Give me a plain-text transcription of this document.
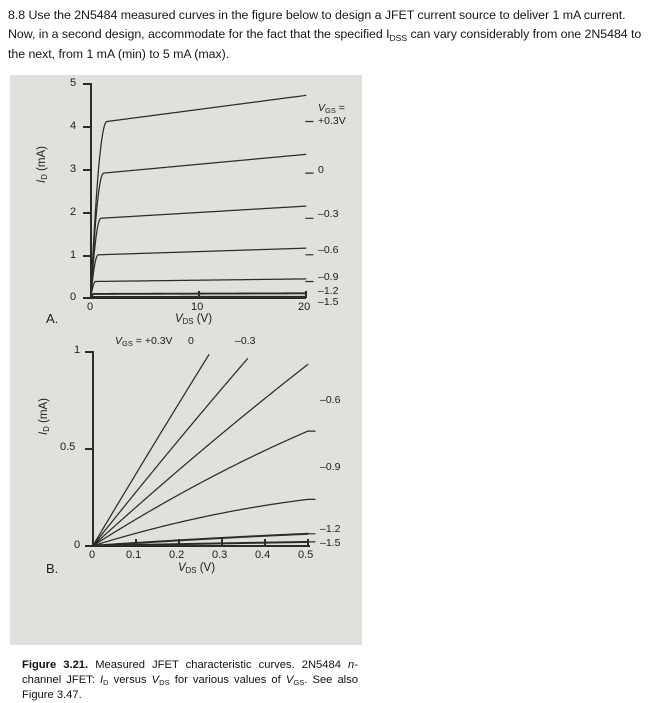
8.8 Use the 2N5484 measured curves in the figure below to design a JFET current source to deliver 1 mA current. Now, in a second design, accommodate for the fact that the specified $I_{DSS}$ can vary considerably from one 2N5484 to the next, from 1 mA (min) to 5 mA (max).
5
4
3
2
1
0
0	10	20
$I_D$ (mA)
$V_{DS}$ (V)
$V_{GS}$ =
+0.3V
0
–0.3
–0.6
–0.9
–1.2
–1.5
A.
1
0.5
0
0	0.1	0.2	0.3	0.4	0.5
$I_D$ (mA)
$V_{DS}$ (V)
$V_{GS} = +0.3V$ 0	–0.3
–0.6
–0.9
–1.2
–1.5
B.
Figure 3.21. Measured JFET characteristic curves. 2N5484 n-channel JFET: $I_D$ versus $V_{DS}$ for various values of $V_{GS}$. See also Figure 3.47.
